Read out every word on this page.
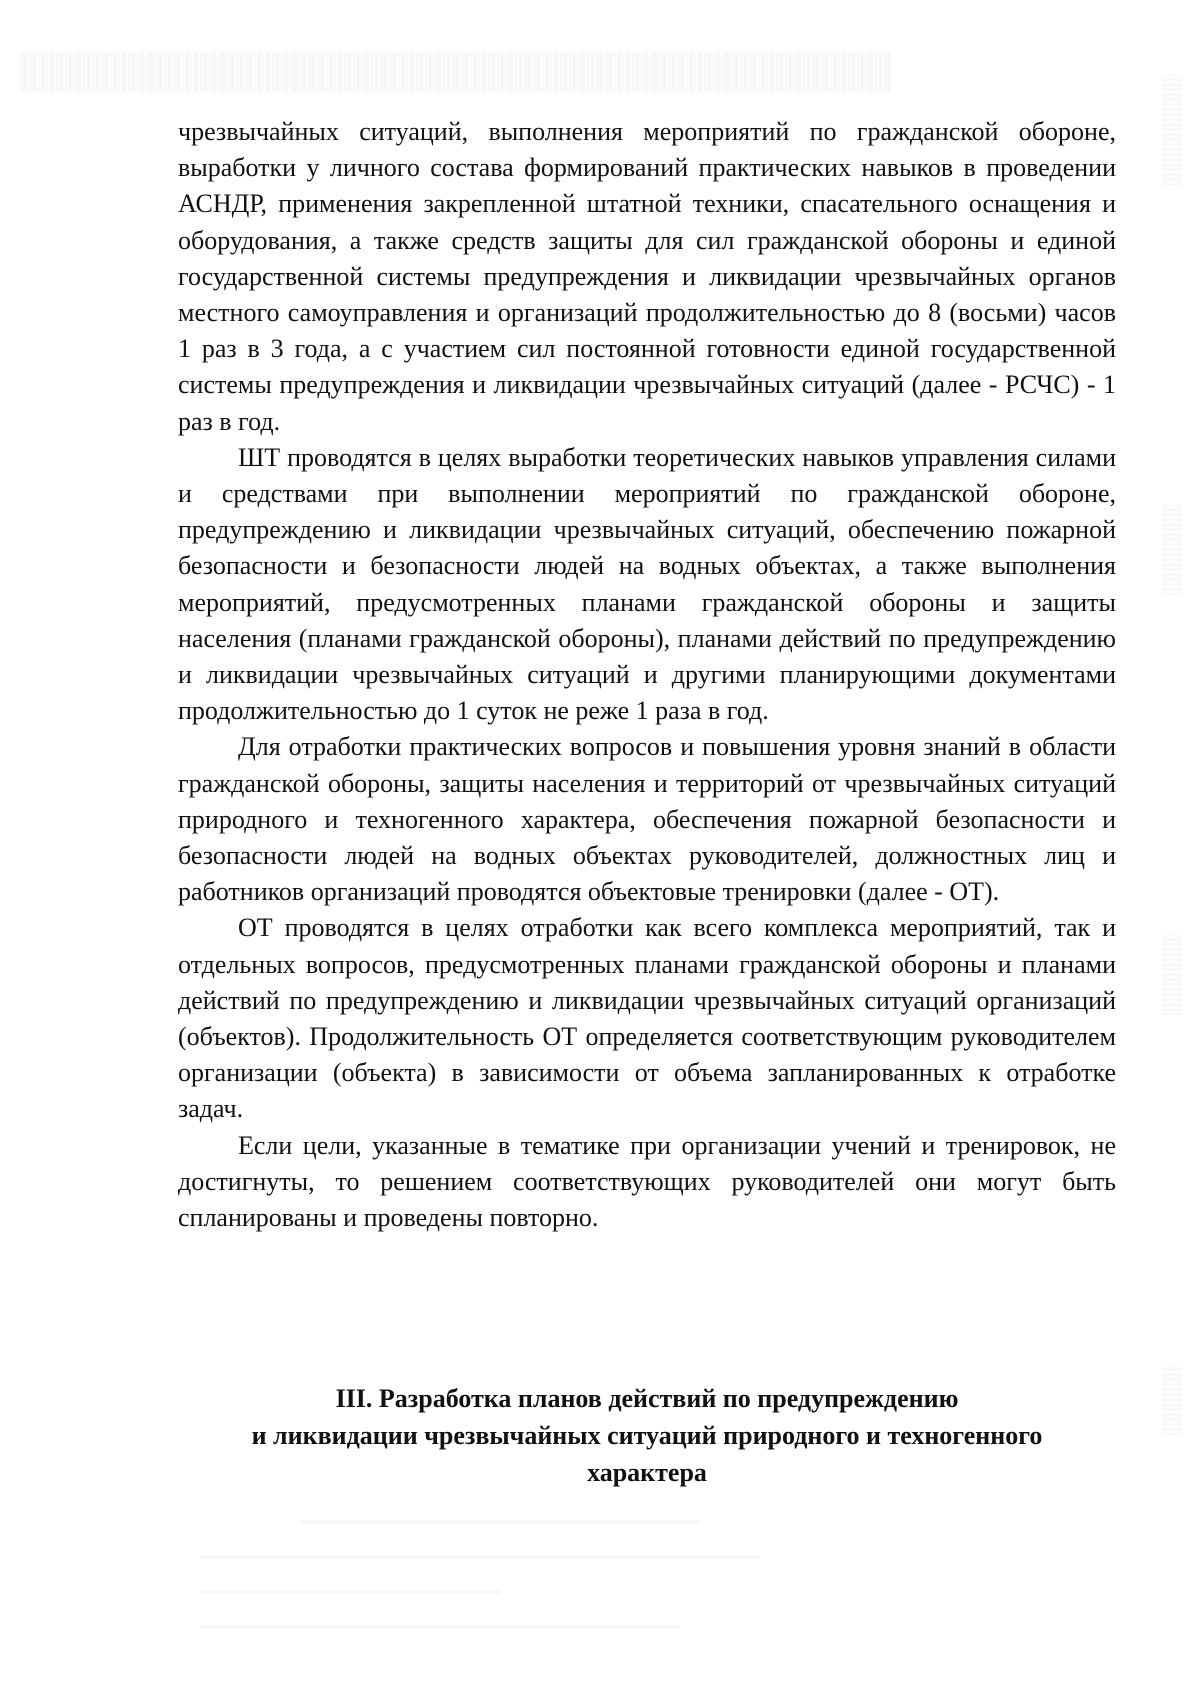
чрезвычайных ситуаций, выполнения мероприятий по гражданской обороне, выработки у личного состава формирований практических навыков в проведении АСНДР, применения закрепленной штатной техники, спасательного оснащения и оборудования, а также средств защиты для сил гражданской обороны и единой государственной системы предупреждения и ликвидации чрезвычайных органов местного самоуправления и организаций продолжительностью до 8 (восьми) часов 1 раз в 3 года, а с участием сил постоянной готовности единой государственной системы предупреждения и ликвидации чрезвычайных ситуаций (далее - РСЧС) - 1 раз в год.

ШТ проводятся в целях выработки теоретических навыков управления силами и средствами при выполнении мероприятий по гражданской обороне, предупреждению и ликвидации чрезвычайных ситуаций, обеспечению пожарной безопасности и безопасности людей на водных объектах, а также выполнения мероприятий, предусмотренных планами гражданской обороны и защиты населения (планами гражданской обороны), планами действий по предупреждению и ликвидации чрезвычайных ситуаций и другими планирующими документами продолжительностью до 1 суток не реже 1 раза в год.

Для отработки практических вопросов и повышения уровня знаний в области гражданской обороны, защиты населения и территорий от чрезвычайных ситуаций природного и техногенного характера, обеспечения пожарной безопасности и безопасности людей на водных объектах руководителей, должностных лиц и работников организаций проводятся объектовые тренировки (далее - ОТ).

ОТ проводятся в целях отработки как всего комплекса мероприятий, так и отдельных вопросов, предусмотренных планами гражданской обороны и планами действий по предупреждению и ликвидации чрезвычайных ситуаций организаций (объектов). Продолжительность ОТ определяется соответствующим руководителем организации (объекта) в зависимости от объема запланированных к отработке задач.

Если цели, указанные в тематике при организации учений и тренировок, не достигнуты, то решением соответствующих руководителей они могут быть спланированы и проведены повторно.

III. Разработка планов действий по предупреждению
и ликвидации чрезвычайных ситуаций природного и техногенного
характера
